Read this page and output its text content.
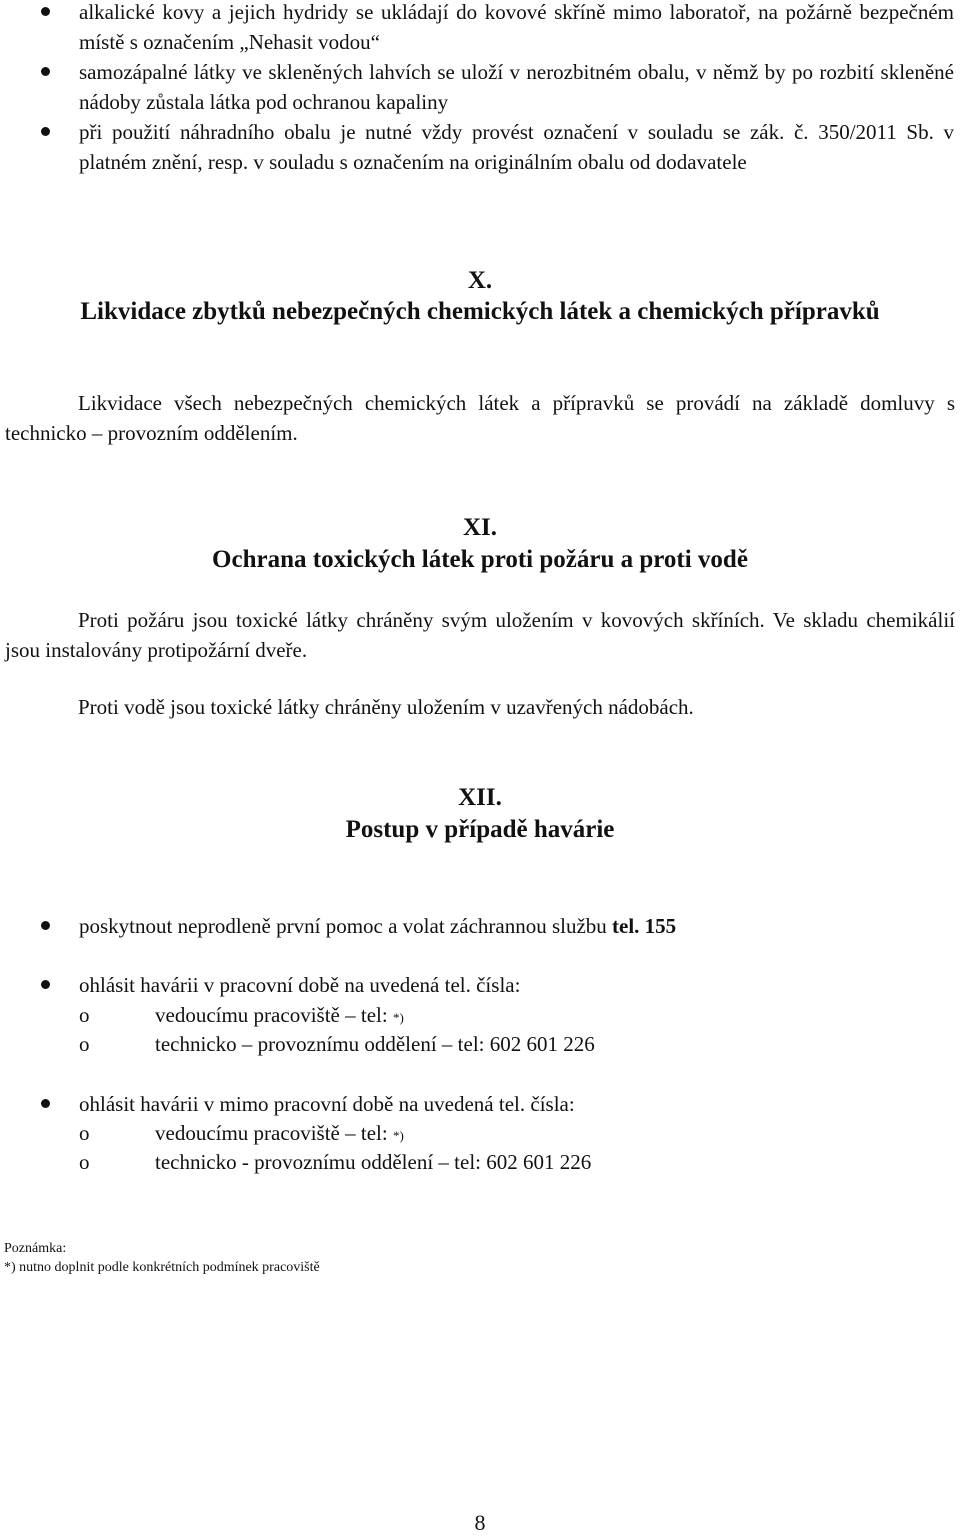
alkalické kovy a jejich hydridy se ukládají do kovové skříně mimo laboratoř, na požárně bezpečném místě s označením „Nehasit vodou“
samozápalné látky ve skleněných lahvích se uloží v nerozbitném obalu, v němž by po rozbití skleněné nádoby zůstala látka pod ochranou kapaliny
při použití náhradního obalu je nutné vždy provést označení v souladu se zák. č. 350/2011 Sb. v platném znění, resp. v souladu s označením na originálním obalu od dodavatele
X.
Likvidace zbytků nebezpečných chemických látek a chemických přípravků

Likvidace všech nebezpečných chemických látek a přípravků se provádí na základě domluvy s technicko – provozním oddělením.

XI.
Ochrana toxických látek proti požáru a proti vodě

Proti požáru jsou toxické látky chráněny svým uložením v kovových skříních. Ve skladu chemikálií jsou instalovány protipožární dveře.

Proti vodě jsou toxické látky chráněny uložením v uzavřených nádobách.

XII.
Postup v případě havárie
poskytnout neprodleně první pomoc a volat záchrannou službu tel. 155
ohlásit havárii v pracovní době na uvedená tel. čísla:
o	vedoucímu pracoviště – tel: *)
o	technicko – provoznímu oddělení – tel: 602 601 226
ohlásit havárii v mimo pracovní době na uvedená tel. čísla:
o	vedoucímu pracoviště – tel: *)
o	technicko - provoznímu oddělení – tel: 602 601 226
Poznámka:
*) nutno doplnit podle konkrétních podmínek pracoviště
8
